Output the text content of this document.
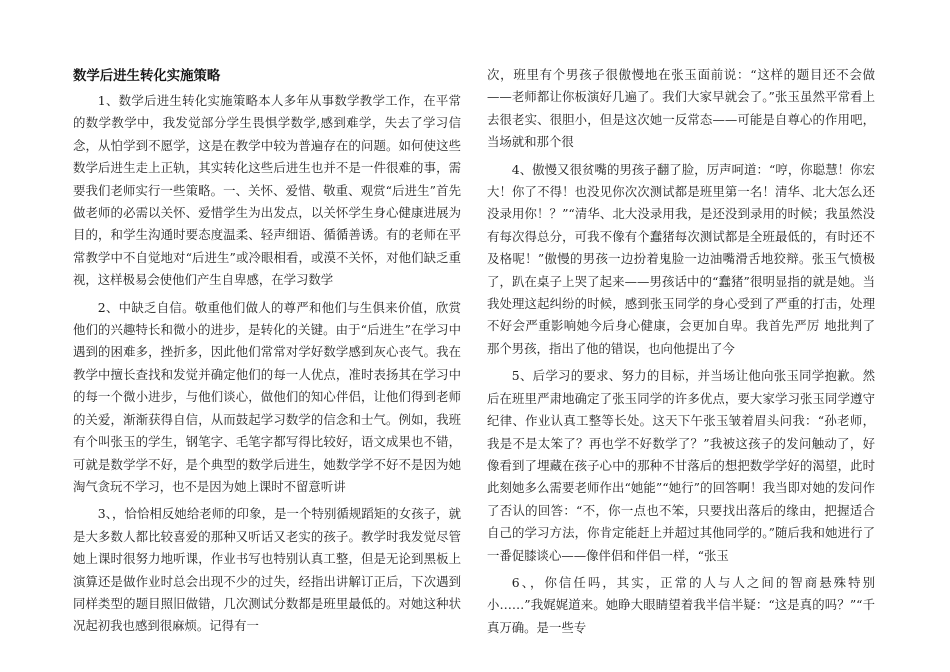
数学后进生转化实施策略

1、数学后进生转化实施策略本人多年从事数学教学工作，在平常的数学教学中，我发觉部分学生畏惧学数学,感到难学，失去了学习信念，从怕学到不愿学，这是在教学中较为普遍存在的问题。如何使这些数学后进生走上正轨，其实转化这些后进生也并不是一件很难的事，需要我们老师实行一些策略。一、关怀、爱惜、敬重、观赏“后进生”首先做老师的必需以关怀、爱惜学生为出发点，以关怀学生身心健康进展为目的，和学生沟通时要态度温柔、轻声细语、循循善诱。有的老师在平常教学中不自觉地对“后进生”或冷眼相看，或漠不关怀，对他们缺乏重视，这样极易会使他们产生自卑感，在学习数学

2、中缺乏自信。敬重他们做人的尊严和他们与生俱来价值，欣赏他们的兴趣特长和微小的进步，是转化的关键。由于“后进生”在学习中遇到的困难多，挫折多，因此他们常常对学好数学感到灰心丧气。我在教学中擅长查找和发觉并确定他们的每一人优点，准时表扬其在学习中的每一个微小进步，与他们谈心，做他们的知心伴侣，让他们得到老师的关爱，渐渐获得自信，从而鼓起学习数学的信念和士气。例如，我班有个叫张玉的学生，钢笔字、毛笔字都写得比较好，语文成果也不错，可就是数学学不好，是个典型的数学后进生，她数学学不好不是因为她淘气贪玩不学习，也不是因为她上课时不留意听讲

3、，恰恰相反她给老师的印象，是一个特别循规蹈矩的女孩子，就是大多数人都比较喜爱的那种又听话又老实的孩子。教学时我发觉尽管她上课时很努力地听课，作业书写也特别认真工整，但是无论到黑板上演算还是做作业时总会出现不少的过失，经指出讲解订正后，下次遇到同样类型的题目照旧做错，几次测试分数都是班里最低的。对她这种状况起初我也感到很麻烦。记得有一

次，班里有个男孩子很傲慢地在张玉面前说：“这样的题目还不会做——老师都让你板演好几遍了。我们大家早就会了。”张玉虽然平常看上去很老实、很胆小，但是这次她一反常态——可能是自尊心的作用吧，当场就和那个很

4、傲慢又很贫嘴的男孩子翻了脸，厉声呵道：“哼，你聪慧！你宏大！你了不得！也没见你次次测试都是班里第一名！清华、北大怎么还没录用你！？”“清华、北大没录用我，是还没到录用的时候；我虽然没有每次得总分，可我不像有个蠢猪每次测试都是全班最低的，有时还不及格呢！”傲慢的男孩一边扮着鬼脸一边油嘴滑舌地狡辩。张玉气愤极了，趴在桌子上哭了起来——男孩话中的“蠢猪”很明显指的就是她。当我处理这起纠纷的时候，感到张玉同学的身心受到了严重的打击，处理不好会严重影响她今后身心健康，会更加自卑。我首先严厉 地批判了那个男孩，指出了他的错误，也向他提出了今

5、后学习的要求、努力的目标，并当场让他向张玉同学抱歉。然后在班里严肃地确定了张玉同学的许多优点，要大家学习张玉同学遵守纪律、作业认真工整等长处。这天下午张玉皱着眉头问我：“孙老师，我是不是太笨了？再也学不好数学了？”我被这孩子的发问触动了，好像看到了埋藏在孩子心中的那种不甘落后的想把数学学好的渴望，此时此刻她多么需要老师作出“她能”“她行”的回答啊！我当即对她的发问作了否认的回答：“不，你一点也不笨，只要找出落后的缘由，把握适合自己的学习方法，你肯定能赶上并超过其他同学的。”随后我和她进行了一番促膝谈心——像伴侣和伴侣一样，“张玉

6、，你信任吗，其实，正常的人与人之间的智商悬殊特别小……”我娓娓道来。她睁大眼睛望着我半信半疑：“这是真的吗？”“千真万确。是一些专
